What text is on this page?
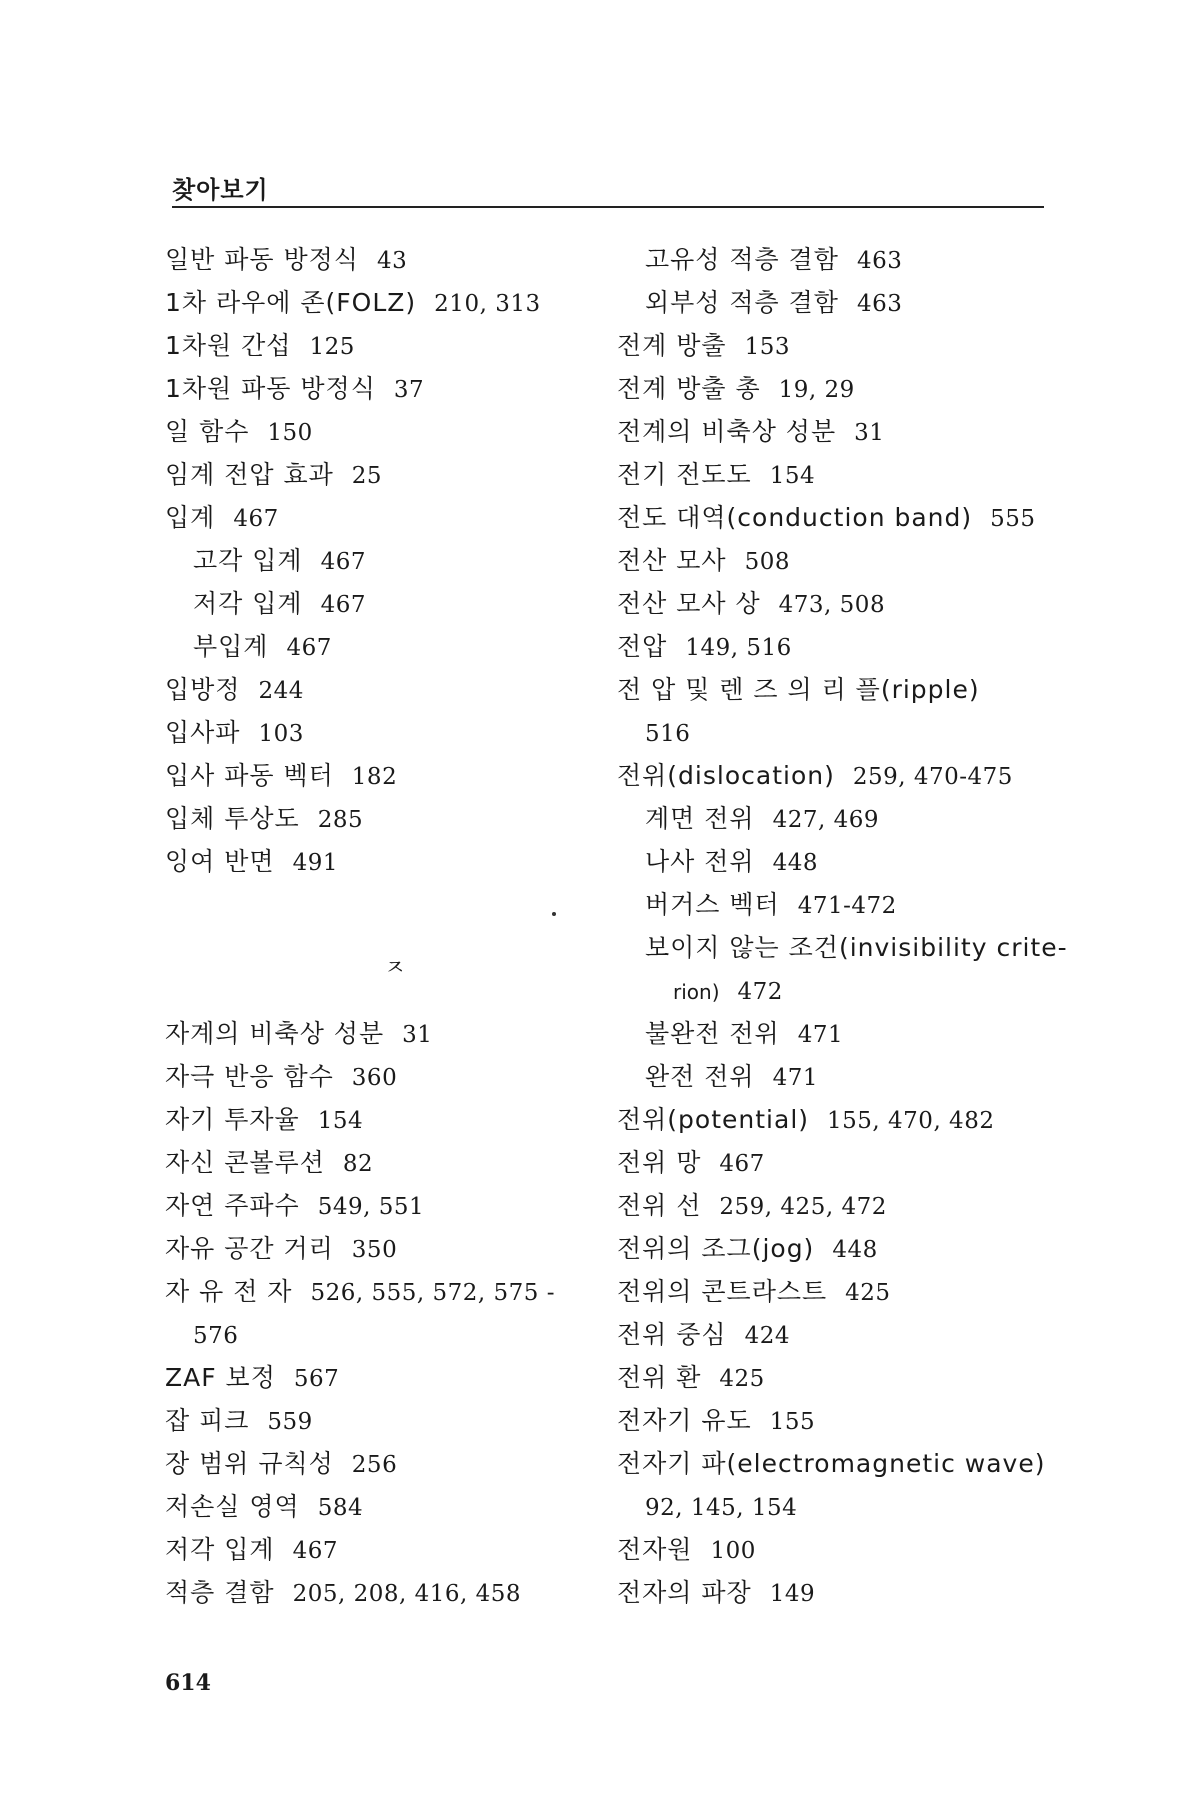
찾아보기
일반 파동 방정식 43
1차 라우에 존(FOLZ) 210, 313
1차원 간섭 125
1차원 파동 방정식 37
일 함수 150
임계 전압 효과 25
입계 467
고각 입계 467
저각 입계 467
부입계 467
입방정 244
입사파 103
입사 파동 벡터 182
입체 투상도 285
잉여 반면 491
ㅈ
자계의 비축상 성분 31
자극 반응 함수 360
자기 투자율 154
자신 콘볼루션 82
자연 주파수 549, 551
자유 공간 거리 350
자 유 전 자 526, 555, 572, 575 -
576
ZAF 보정 567
잡 피크 559
장 범위 규칙성 256
저손실 영역 584
저각 입계 467
적층 결함 205, 208, 416, 458
고유성 적층 결함 463
외부성 적층 결함 463
전계 방출 153
전계 방출 총 19, 29
전계의 비축상 성분 31
전기 전도도 154
전도 대역(conduction band) 555
전산 모사 508
전산 모사 상 473, 508
전압 149, 516
전 압 및 렌 즈 의 리 플(ripple)
516
전위(dislocation) 259, 470-475
계면 전위 427, 469
나사 전위 448
버거스 벡터 471-472
보이지 않는 조건(invisibility crite-
rion) 472
불완전 전위 471
완전 전위 471
전위(potential) 155, 470, 482
전위 망 467
전위 선 259, 425, 472
전위의 조그(jog) 448
전위의 콘트라스트 425
전위 중심 424
전위 환 425
전자기 유도 155
전자기 파(electromagnetic wave)
92, 145, 154
전자원 100
전자의 파장 149
614
